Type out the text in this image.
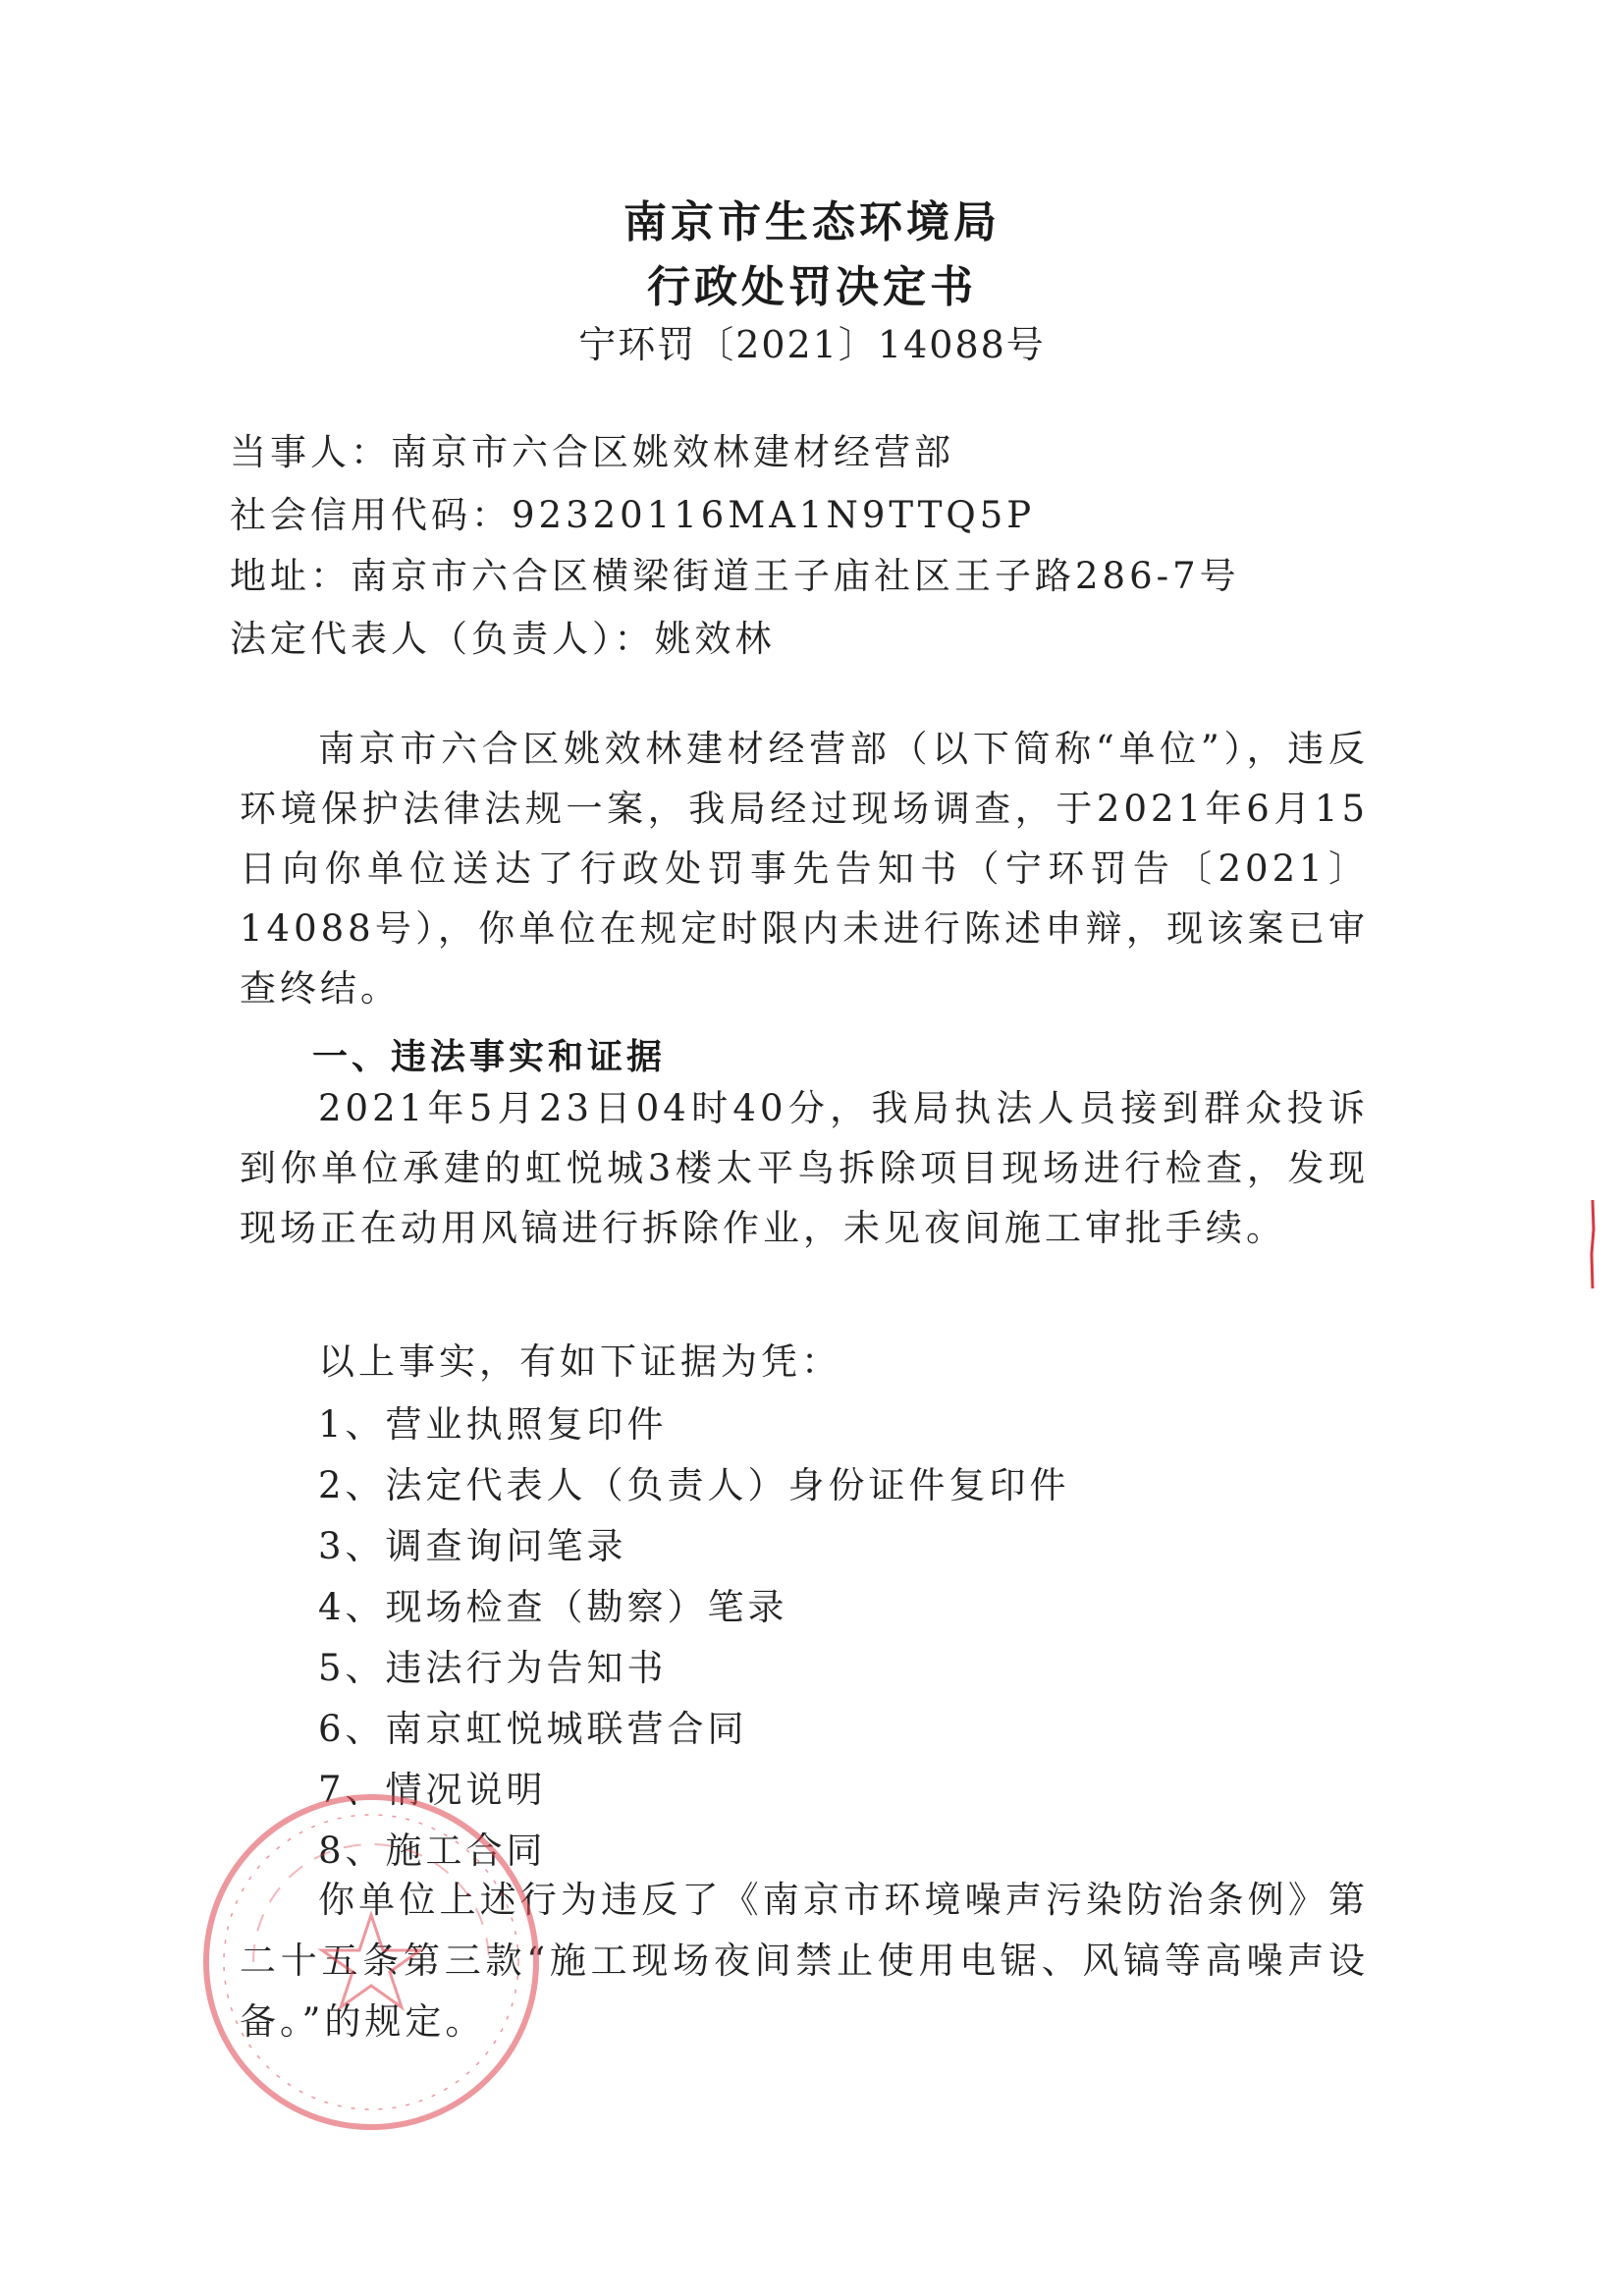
南京市生态环境局
行政处罚决定书
宁环罚〔2021〕14088号
当事人：南京市六合区姚效林建材经营部
社会信用代码：92320116MA1N9TTQ5P
地址：南京市六合区横梁街道王子庙社区王子路286-7号
法定代表人（负责人）：姚效林
南京市六合区姚效林建材经营部（以下简称“单位”），违反环境保护法律法规一案，我局经过现场调查，于2021年6月15日向你单位送达了行政处罚事先告知书（宁环罚告〔2021〕14088号），你单位在规定时限内未进行陈述申辩，现该案已审查终结。
一、违法事实和证据
2021年5月23日04时40分，我局执法人员接到群众投诉到你单位承建的虹悦城3楼太平鸟拆除项目现场进行检查，发现现场正在动用风镐进行拆除作业，未见夜间施工审批手续。
以上事实，有如下证据为凭：
1、营业执照复印件
2、法定代表人（负责人）身份证件复印件
3、调查询问笔录
4、现场检查（勘察）笔录
5、违法行为告知书
6、南京虹悦城联营合同
7、情况说明
8、施工合同
你单位上述行为违反了《南京市环境噪声污染防治条例》第二十五条第三款“施工现场夜间禁止使用电锯、风镐等高噪声设备。”的规定。
